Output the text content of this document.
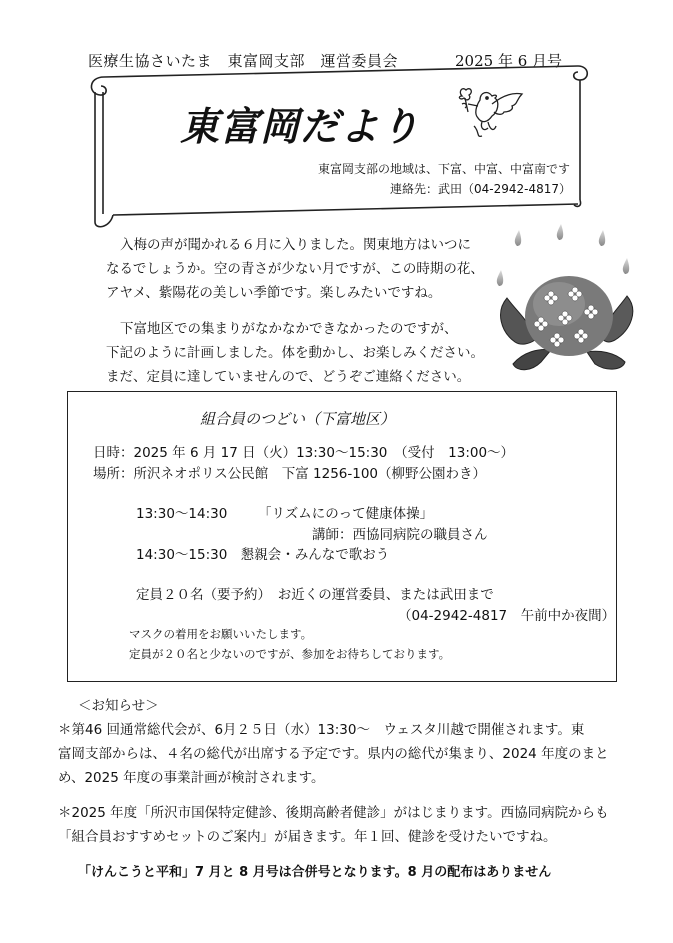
医療生協さいたま　東富岡支部　運営委員会	2025 年 6 月号
東富岡だより
東富岡支部の地域は、下富、中富、中富南です
連絡先：武田（04-2942-4817）
入梅の声が聞かれる６月に入りました。関東地方はいつに
なるでしょうか。空の青さが少ない月ですが、この時期の花、
アヤメ、紫陽花の美しい季節です。楽しみたいですね。
下富地区での集まりがなかなかできなかったのですが、
下記のように計画しました。体を動かし、お楽しみください。
まだ、定員に達していませんので、どうぞご連絡ください。
組合員のつどい（下富地区）
日時：2025 年 6 月 17 日（火）13:30～15:30　（受付　13:00～）
場所：所沢ネオポリス公民館　下富 1256-100（柳野公園わき）
13:30～14:30 「リズムにのって健康体操」
講師：西協同病院の職員さん
14:30～15:30　懇親会・みんなで歌おう
定員２０名（要予約）　お近くの運営委員、または武田まで
（04-2942-4817　午前中か夜間）
マスクの着用をお願いいたします。
定員が２０名と少ないのですが、参加をお待ちしております。
＜お知らせ＞
＊第46 回通常総代会が、6月２５日（水）13:30～　ウェスタ川越で開催されます。東
富岡支部からは、４名の総代が出席する予定です。県内の総代が集まり、2024 年度のまと
め、2025 年度の事業計画が検討されます。
＊2025 年度「所沢市国保特定健診、後期高齢者健診」がはじまります。西協同病院からも
「組合員おすすめセットのご案内」が届きます。年１回、健診を受けたいですね。
「けんこうと平和」7 月と 8 月号は合併号となります。8 月の配布はありません
